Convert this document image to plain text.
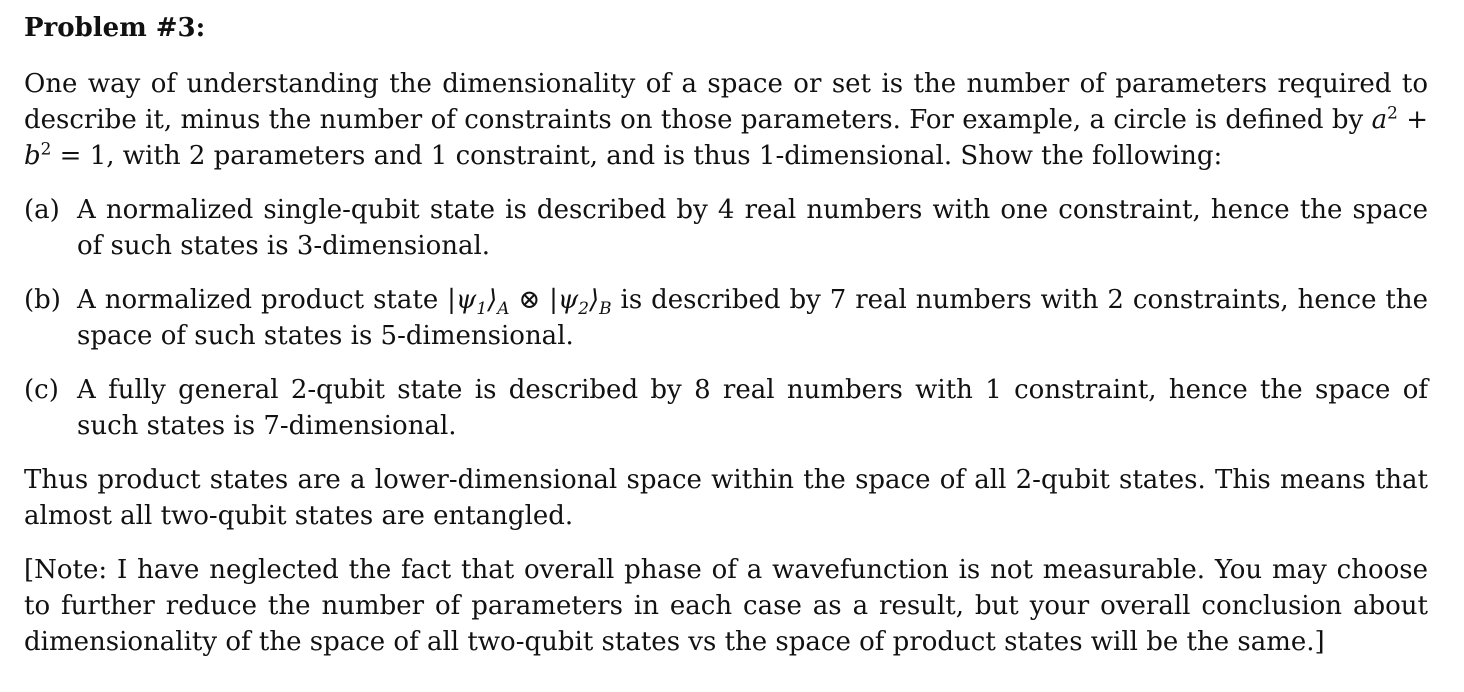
Problem #3:

One way of understanding the dimensionality of a space or set is the number of parameters required to describe it, minus the number of constraints on those parameters. For example, a circle is defined by $a^2 + b^2 = 1$, with 2 parameters and 1 constraint, and is thus 1-dimensional. Show the following:

(a) A normalized single-qubit state is described by 4 real numbers with one constraint, hence the space of such states is 3-dimensional.
(b) A normalized product state $|\psi_1⟩_A$ ⊗ $|\psi_2⟩_B$ is described by 7 real numbers with 2 constraints, hence the space of such states is 5-dimensional.
(c) A fully general 2-qubit state is described by 8 real numbers with 1 constraint, hence the space of such states is 7-dimensional.

Thus product states are a lower-dimensional space within the space of all 2-qubit states. This means that almost all two-qubit states are entangled.

[Note: I have neglected the fact that overall phase of a wavefunction is not measurable. You may choose to further reduce the number of parameters in each case as a result, but your overall conclusion about dimensionality of the space of all two-qubit states vs the space of product states will be the same.]
